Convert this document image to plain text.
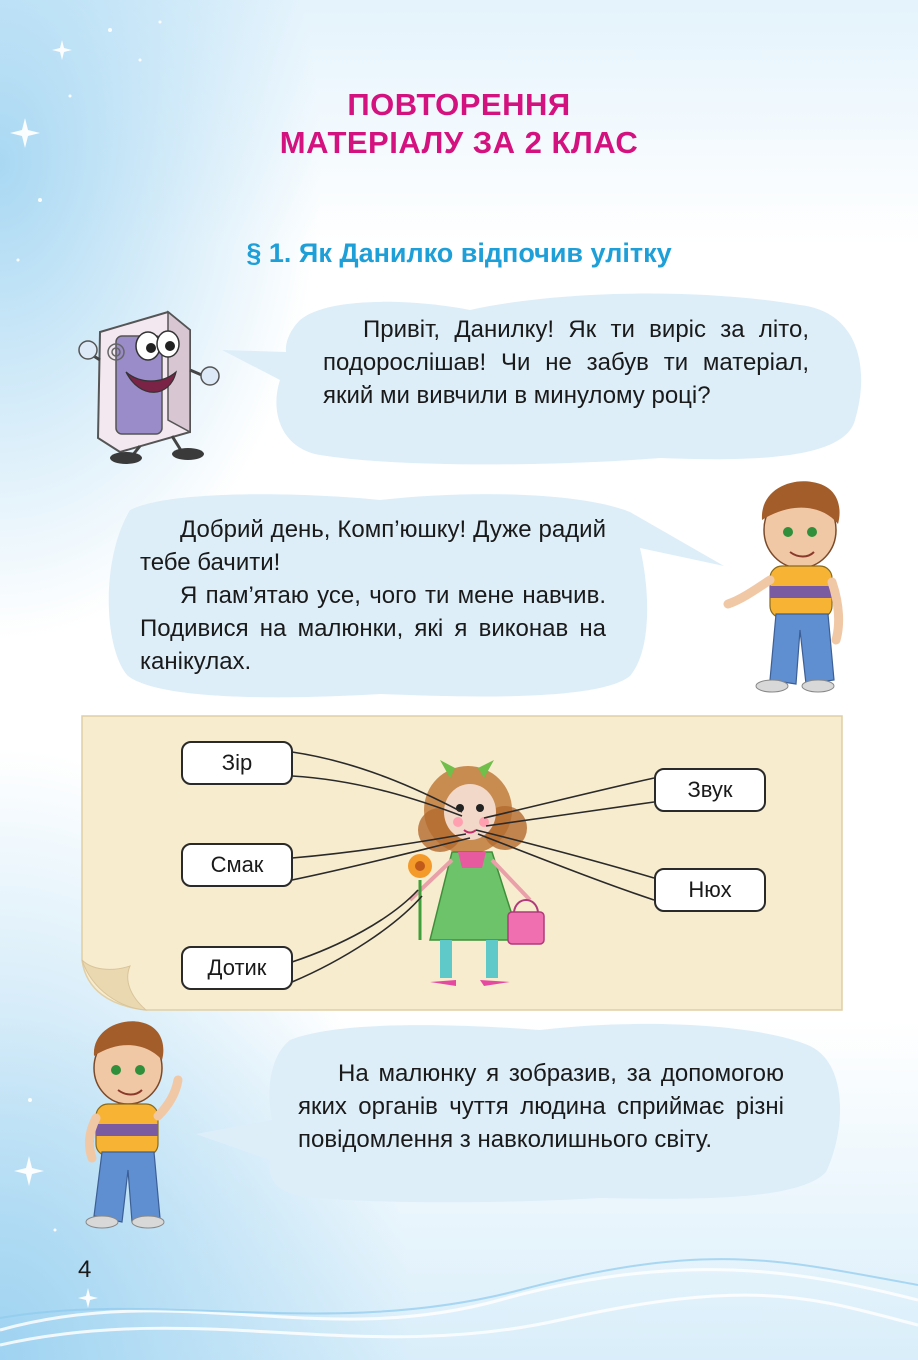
ПОВТОРЕННЯ
МАТЕРІАЛУ ЗА 2 КЛАС
§ 1. Як Данилко відпочив улітку

Привіт, Данилку! Як ти виріс за літо, подорослішав! Чи не забув ти матеріал, який ми вивчили в минулому році?

Добрий день, Комп’юшку! Дуже радий тебе бачити!

Я пам’ятаю усе, чого ти мене навчив. Подивися на малюнки, які я виконав на канікулах.

Зір
Звук
Смак
Нюх
Дотик

На малюнку я зобразив, за допомогою яких органів чуття людина сприймає різні повідомлення з навколишнього світу.

4
